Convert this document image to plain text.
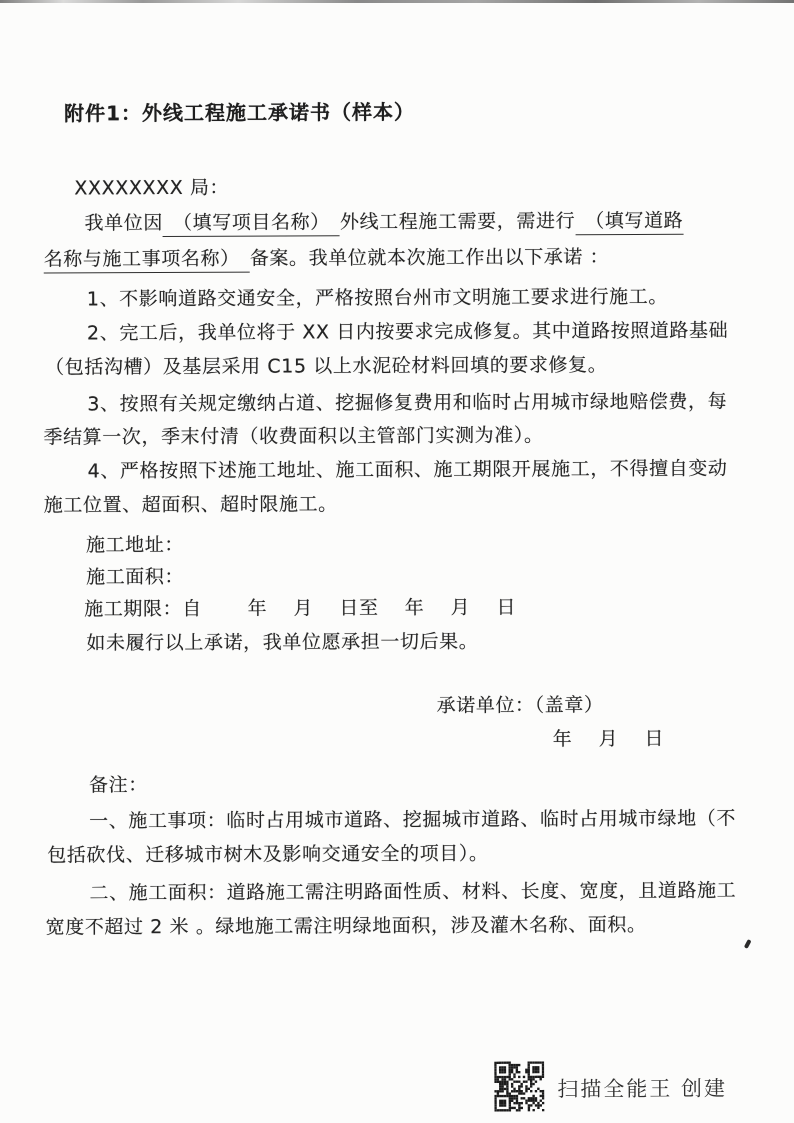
附件1：外线工程施工承诺书（样本）
XXXXXXXX 局：
我单位因　（填写项目名称）　外线工程施工需要，需进行　（填写道路
名称与施工事项名称）　备案。我单位就本次施工作出以下承诺 ：
1、不影响道路交通安全，严格按照台州市文明施工要求进行施工。
2、完工后，我单位将于 XX 日内按要求完成修复。其中道路按照道路基础
（包括沟槽）及基层采用 C15 以上水泥砼材料回填的要求修复。
3、按照有关规定缴纳占道、挖掘修复费用和临时占用城市绿地赔偿费，每
季结算一次，季末付清（收费面积以主管部门实测为准）。
4、严格按照下述施工地址、施工面积、施工期限开展施工，不得擅自变动
施工位置、超面积、超时限施工。
施工地址：
施工面积：
施工期限：自　　 年　 月　 日至　 年　 月　 日
如未履行以上承诺，我单位愿承担一切后果。
承诺单位：（盖章）
年　 月　 日
备注：
一、施工事项：临时占用城市道路、挖掘城市道路、临时占用城市绿地（不
包括砍伐、迁移城市树木及影响交通安全的项目）。
二、施工面积：道路施工需注明路面性质、材料、长度、宽度，且道路施工
宽度不超过 2 米 。绿地施工需注明绿地面积，涉及灌木名称、面积。
扫描全能王 创建
